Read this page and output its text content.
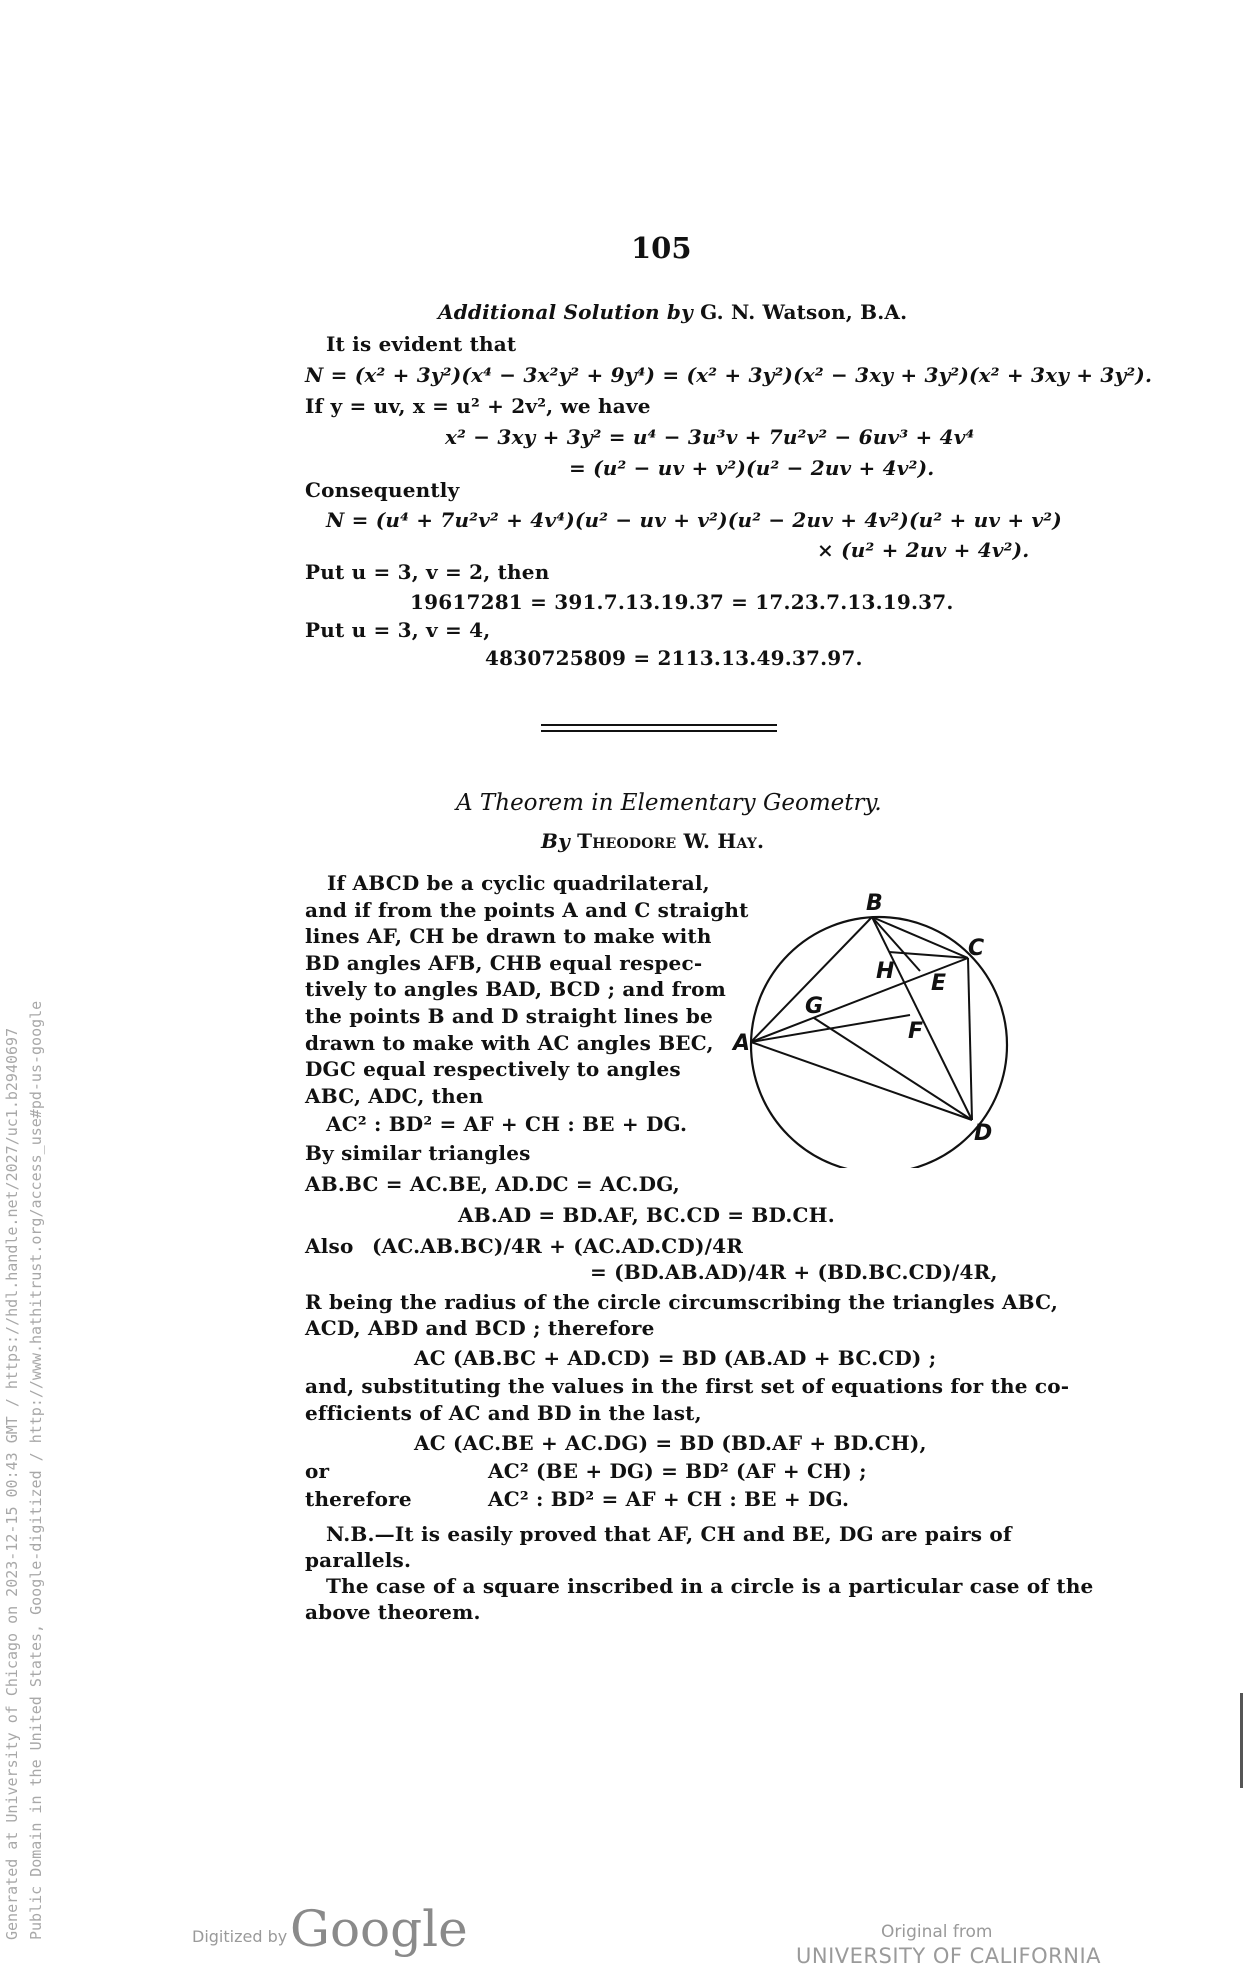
Generated at University of Chicago on 2023-12-15 00:43 GMT / https://hdl.handle.net/2027/uc1.b2940697 Public Domain in the United States, Google-digitized / http://www.hathitrust.org/access_use#pd-us-google
105
Additional Solution by G. N. Watson, B.A.
It is evident that
N = (x² + 3y²)(x⁴ − 3x²y² + 9y⁴) = (x² + 3y²)(x² − 3xy + 3y²)(x² + 3xy + 3y²).
If y = uv, x = u² + 2v², we have
x² − 3xy + 3y² = u⁴ − 3u³v + 7u²v² − 6uv³ + 4v⁴
= (u² − uv + v²)(u² − 2uv + 4v²).
Consequently
N = (u⁴ + 7u²v² + 4v⁴)(u² − uv + v²)(u² − 2uv + 4v²)(u² + uv + v²)
× (u² + 2uv + 4v²).
Put u = 3, v = 2, then
19617281 = 391.7.13.19.37 = 17.23.7.13.19.37.
Put u = 3, v = 4,
4830725809 = 2113.13.49.37.97.
A Theorem in Elementary Geometry.
By Theodore W. Hay.
If ABCD be a cyclic quadrilateral,
and if from the points A and C straight
lines AF, CH be drawn to make with
BD angles AFB, CHB equal respec-
tively to angles BAD, BCD ; and from
the points B and D straight lines be
drawn to make with AC angles BEC,
DGC equal respectively to angles
ABC, ADC, then
A
B
C
D
E
F
G
H
AC² : BD² = AF + CH : BE + DG.
By similar triangles
AB.BC = AC.BE, AD.DC = AC.DG,
AB.AD = BD.AF, BC.CD = BD.CH.
Also (AC.AB.BC)/4R + (AC.AD.CD)/4R
= (BD.AB.AD)/4R + (BD.BC.CD)/4R,
R being the radius of the circle circumscribing the triangles ABC,
ACD, ABD and BCD ; therefore
AC (AB.BC + AD.CD) = BD (AB.AD + BC.CD) ;
and, substituting the values in the first set of equations for the co-
efficients of AC and BD in the last,
AC (AC.BE + AC.DG) = BD (BD.AF + BD.CH),
or	AC² (BE + DG) = BD² (AF + CH) ;
therefore	AC² : BD² = AF + CH : BE + DG.
N.B.—It is easily proved that AF, CH and BE, DG are pairs of
parallels.
The case of a square inscribed in a circle is a particular case of the
above theorem.
Digitized by Google	Original from
UNIVERSITY OF CALIFORNIA
